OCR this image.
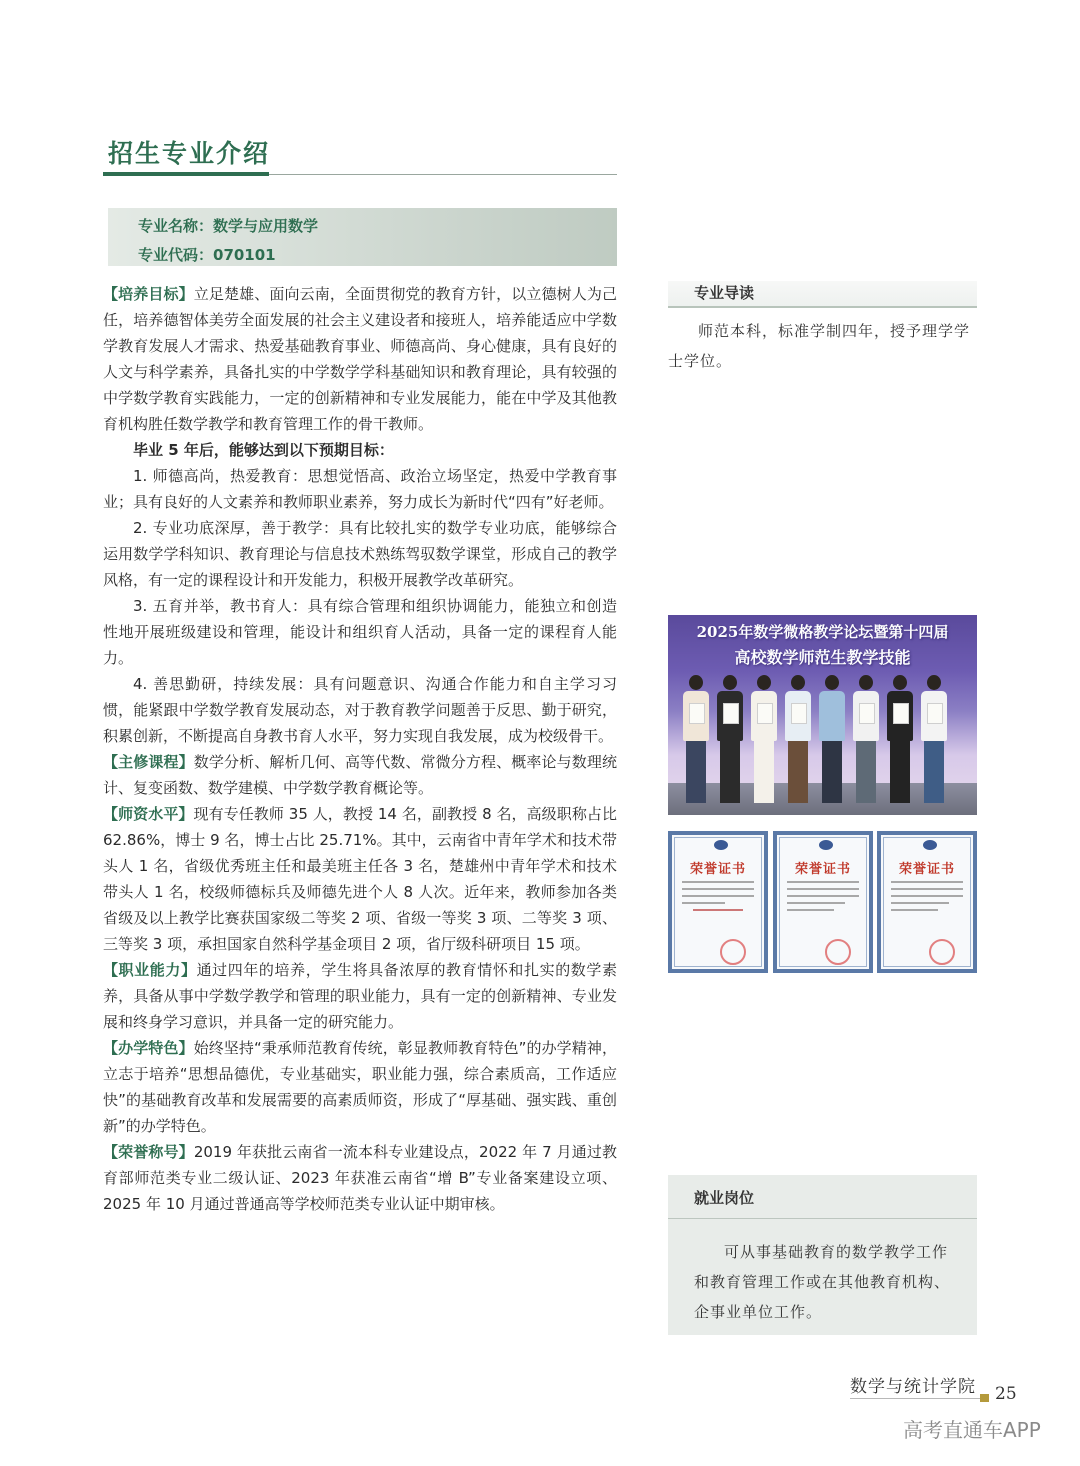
招生专业介绍
专业名称：数学与应用数学
专业代码：070101

【培养目标】立足楚雄、面向云南，全面贯彻党的教育方针，以立德树人为己任，培养德智体美劳全面发展的社会主义建设者和接班人，培养能适应中学数学教育发展人才需求、热爱基础教育事业、师德高尚、身心健康，具有良好的人文与科学素养，具备扎实的中学数学学科基础知识和教育理论，具有较强的中学数学教育实践能力，一定的创新精神和专业发展能力，能在中学及其他教育机构胜任数学教学和教育管理工作的骨干教师。

毕业 5 年后，能够达到以下预期目标：

1. 师德高尚，热爱教育：思想觉悟高、政治立场坚定，热爱中学教育事业；具有良好的人文素养和教师职业素养，努力成长为新时代“四有”好老师。

2. 专业功底深厚，善于教学：具有比较扎实的数学专业功底，能够综合运用数学学科知识、教育理论与信息技术熟练驾驭数学课堂，形成自己的教学风格，有一定的课程设计和开发能力，积极开展教学改革研究。

3. 五育并举，教书育人：具有综合管理和组织协调能力，能独立和创造性地开展班级建设和管理，能设计和组织育人活动，具备一定的课程育人能力。

4. 善思勤研，持续发展：具有问题意识、沟通合作能力和自主学习习惯，能紧跟中学数学教育发展动态，对于教育教学问题善于反思、勤于研究，积累创新，不断提高自身教书育人水平，努力实现自我发展，成为校级骨干。

【主修课程】数学分析、解析几何、高等代数、常微分方程、概率论与数理统计、复变函数、数学建模、中学数学教育概论等。

【师资水平】现有专任教师 35 人，教授 14 名，副教授 8 名，高级职称占比 62.86%，博士 9 名，博士占比 25.71%。其中，云南省中青年学术和技术带头人 1 名，省级优秀班主任和最美班主任各 3 名，楚雄州中青年学术和技术带头人 1 名，校级师德标兵及师德先进个人 8 人次。近年来，教师参加各类省级及以上教学比赛获国家级二等奖 2 项、省级一等奖 3 项、二等奖 3 项、三等奖 3 项，承担国家自然科学基金项目 2 项，省厅级科研项目 15 项。

【职业能力】通过四年的培养，学生将具备浓厚的教育情怀和扎实的数学素养，具备从事中学数学教学和管理的职业能力，具有一定的创新精神、专业发展和终身学习意识，并具备一定的研究能力。

【办学特色】始终坚持“秉承师范教育传统，彰显教师教育特色”的办学精神，立志于培养“思想品德优，专业基础实，职业能力强，综合素质高，工作适应快”的基础教育改革和发展需要的高素质师资，形成了“厚基础、强实践、重创新”的办学特色。

【荣誉称号】2019 年获批云南省一流本科专业建设点，2022 年 7 月通过教育部师范类专业二级认证、2023 年获准云南省“增 B”专业备案建设立项、2025 年 10 月通过普通高等学校师范类专业认证中期审核。

专业导读

师范本科，标准学制四年，授予理学学士学位。

2025年数学微格教学论坛暨第十四届
高校数学师范生教学技能
荣誉证书	荣誉证书	荣誉证书
就业岗位

可从事基础教育的数学教学工作和教育管理工作或在其他教育机构、企事业单位工作。

数学与统计学院 25
高考直通车APP
